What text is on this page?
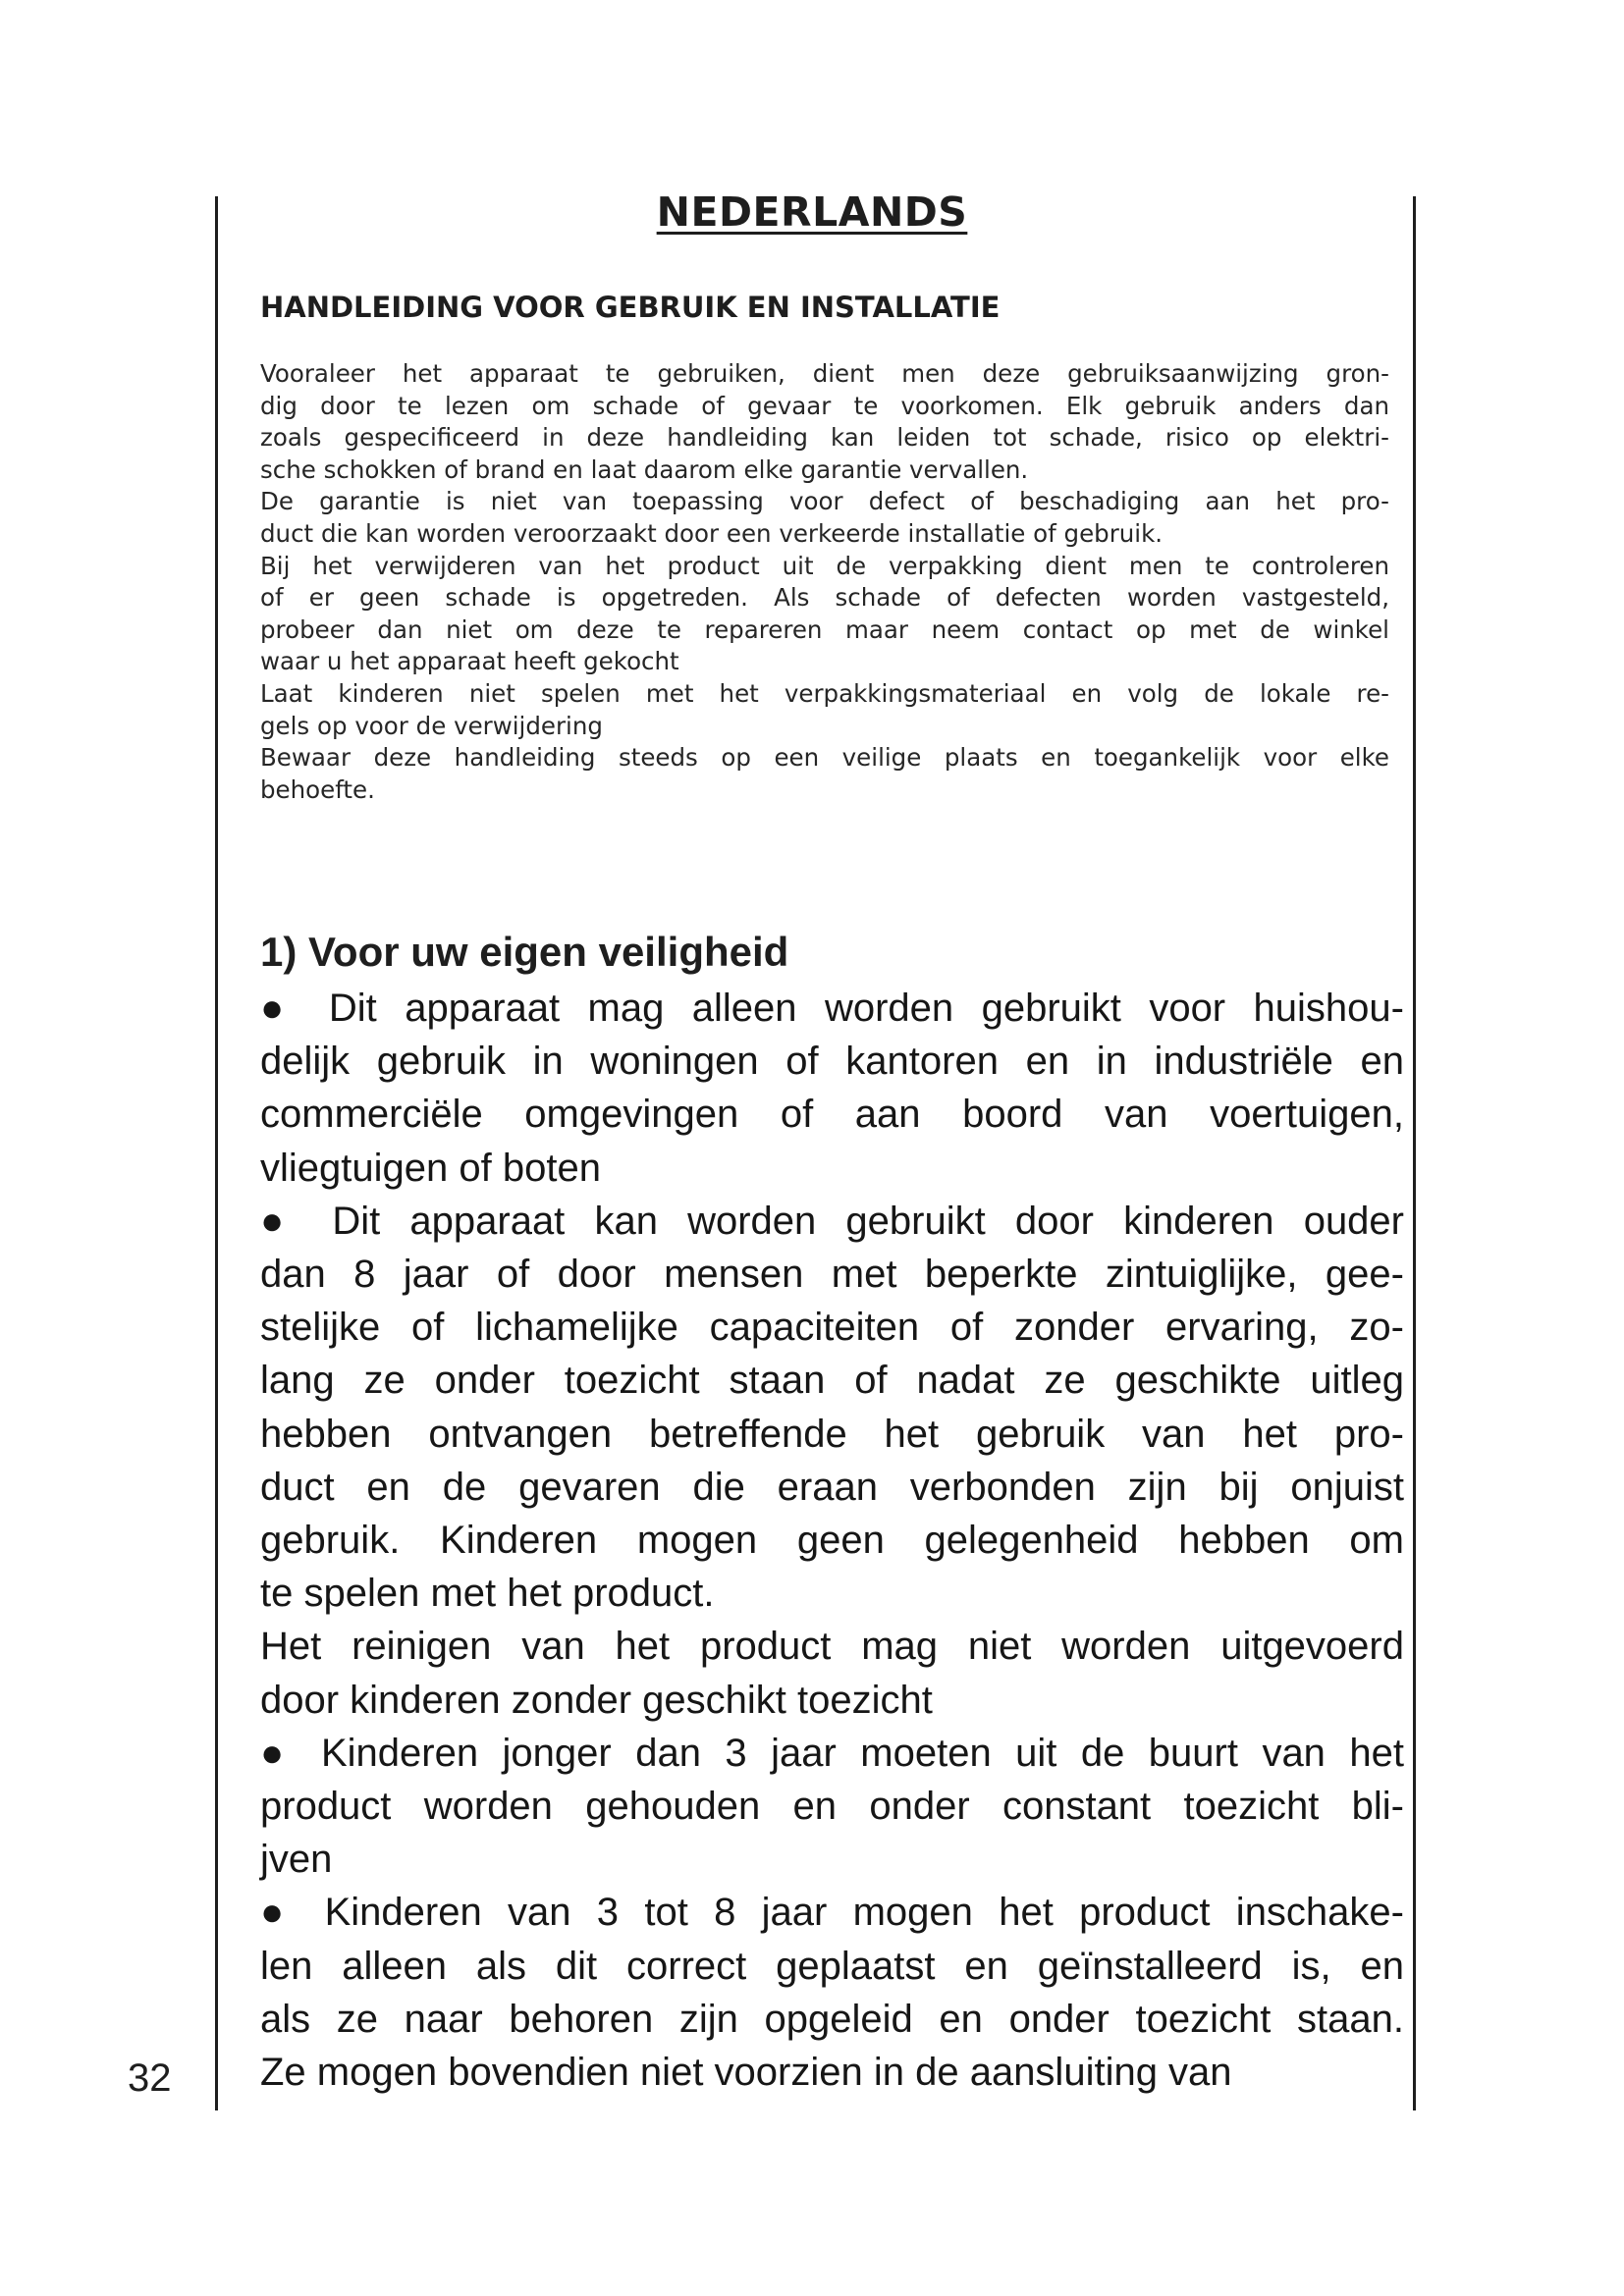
NEDERLANDS
HANDLEIDING VOOR GEBRUIK EN INSTALLATIE
Vooraleer het apparaat te gebruiken, dient men deze gebruiksaanwijzing gron-
dig door te lezen om schade of gevaar te voorkomen. Elk gebruik anders dan
zoals gespecificeerd in deze handleiding kan leiden tot schade, risico op elektri-
sche schokken of brand en laat daarom elke garantie vervallen.
De garantie is niet van toepassing voor defect of beschadiging aan het pro-
duct die kan worden veroorzaakt door een verkeerde installatie of gebruik.
Bij het verwijderen van het product uit de verpakking dient men te controleren
of er geen schade is opgetreden. Als schade of defecten worden vastgesteld,
probeer dan niet om deze te repareren maar neem contact op met de winkel
waar u het apparaat heeft gekocht
Laat kinderen niet spelen met het verpakkingsmateriaal en volg de lokale re-
gels op voor de verwijdering
Bewaar deze handleiding steeds op een veilige plaats en toegankelijk voor elke
behoefte.
1) Voor uw eigen veiligheid
● Dit apparaat mag alleen worden gebruikt voor huishou-
delijk gebruik in woningen of kantoren en in industriële en
commerciële omgevingen of aan boord van voertuigen,
vliegtuigen of boten
● Dit apparaat kan worden gebruikt door kinderen ouder
dan 8 jaar of door mensen met beperkte zintuiglijke, gee-
stelijke of lichamelijke capaciteiten of zonder ervaring, zo-
lang ze onder toezicht staan of nadat ze geschikte uitleg
hebben ontvangen betreffende het gebruik van het pro-
duct en de gevaren die eraan verbonden zijn bij onjuist
gebruik. Kinderen mogen geen gelegenheid hebben om
te spelen met het product.
Het reinigen van het product mag niet worden uitgevoerd
door kinderen zonder geschikt toezicht
● Kinderen jonger dan 3 jaar moeten uit de buurt van het
product worden gehouden en onder constant toezicht bli-
jven
● Kinderen van 3 tot 8 jaar mogen het product inschake-
len alleen als dit correct geplaatst en geïnstalleerd is, en
als ze naar behoren zijn opgeleid en onder toezicht staan.
Ze mogen bovendien niet voorzien in de aansluiting van
32
